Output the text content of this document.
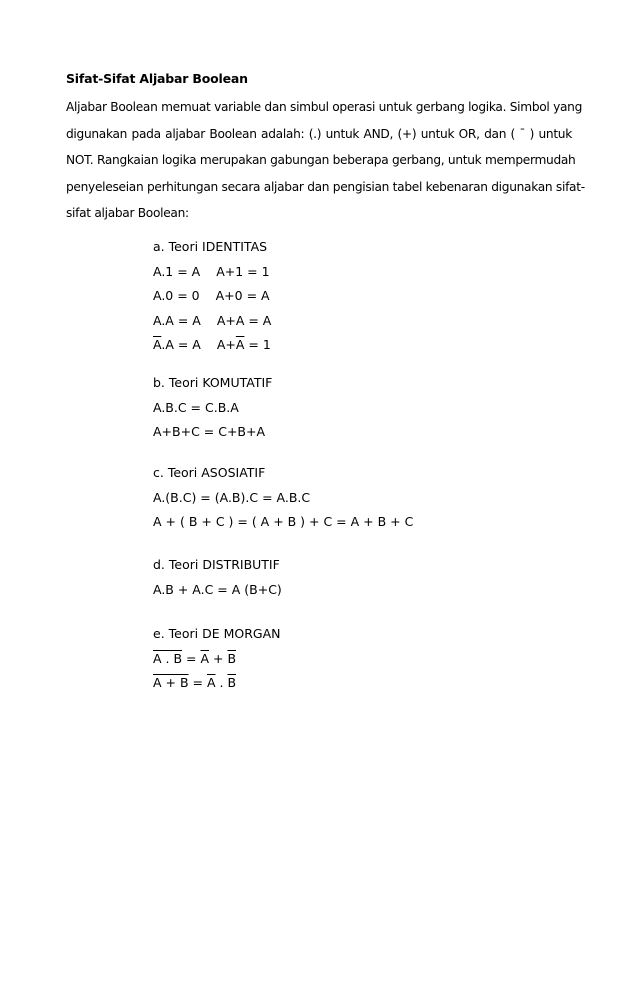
Sifat-Sifat Aljabar Boolean
Aljabar Boolean memuat variable dan simbul operasi untuk gerbang logika. Simbol yang
digunakan pada aljabar Boolean adalah: (.) untuk AND, (+) untuk OR, dan ( ¯ ) untuk
NOT. Rangkaian logika merupakan gabungan beberapa gerbang, untuk mempermudah
penyeleseian perhitungan secara aljabar dan pengisian tabel kebenaran digunakan sifat-
sifat aljabar Boolean:
a. Teori IDENTITAS
A.1 = A A+1 = 1
A.0 = 0 A+0 = A
A.A = A A+A = A
$\overline{A}.A = A$ $A+\overline{A} = 1$
b. Teori KOMUTATIF
A.B.C = C.B.A
A+B+C = C+B+A
c. Teori ASOSIATIF
A.(B.C) = (A.B).C = A.B.C
A + ( B + C ) = ( A + B ) + C = A + B + C
d. Teori DISTRIBUTIF
A.B + A.C = A (B+C)
e. Teori DE MORGAN
A . $B = \overline{A} + \overline{B}$
$A + B = \overline{A}$ . $\overline{B}$
